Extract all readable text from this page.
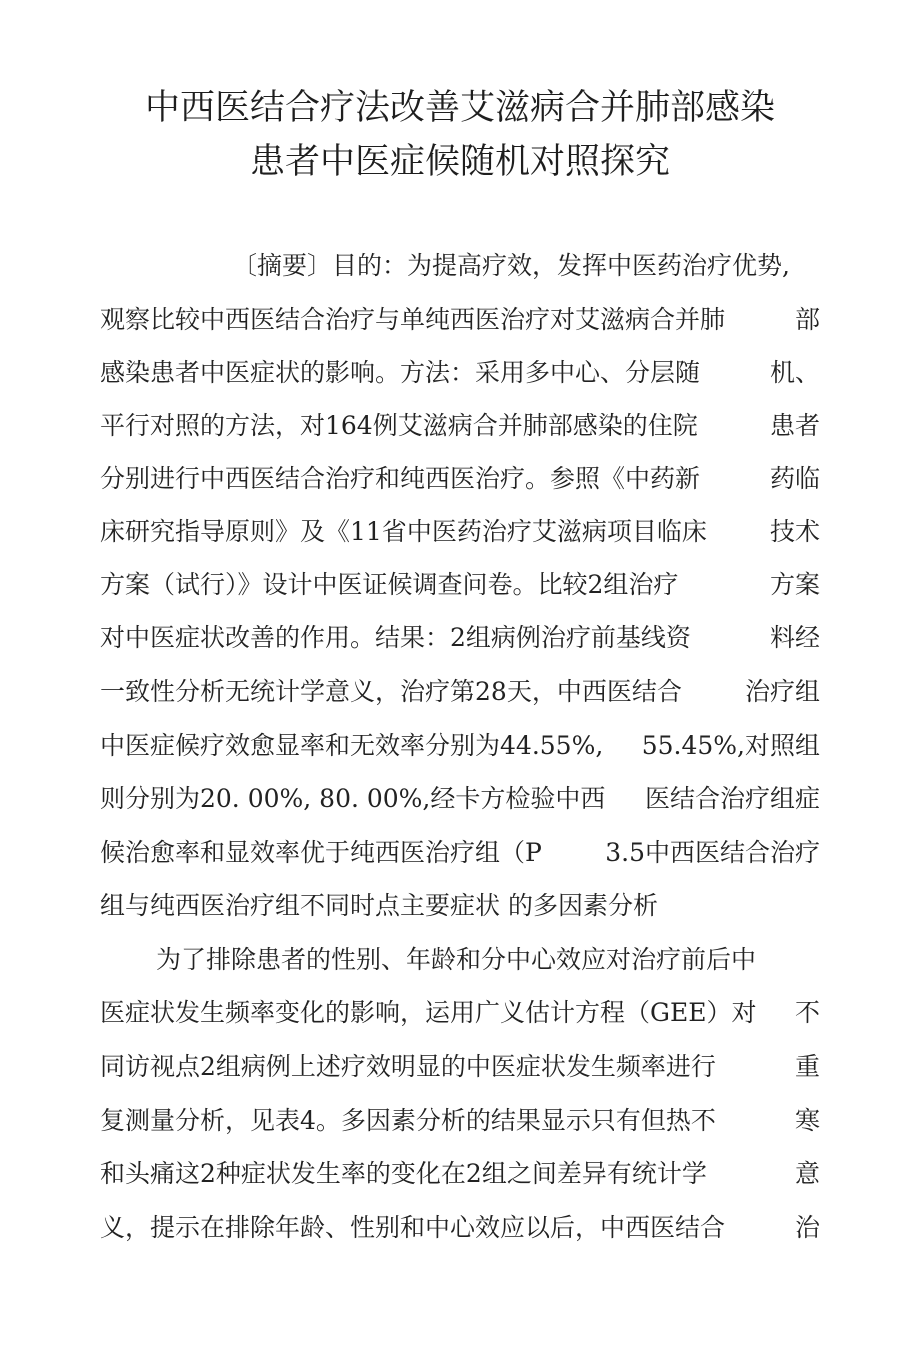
中西医结合疗法改善艾滋病合并肺部感染
患者中医症候随机对照探究
〔摘要〕目的：为提高疗效，发挥中医药治疗优势,
观察比较中西医结合治疗与单纯西医治疗对艾滋病合并肺	部
感染患者中医症状的影响。方法：采用多中心、分层随	机、
平行对照的方法，对164例艾滋病合并肺部感染的住院	患者
分别进行中西医结合治疗和纯西医治疗。参照《中药新	药临
床研究指导原则》及《11省中医药治疗艾滋病项目临床	技术
方案（试行）》设计中医证候调查问卷。比较2组治疗	方案
对中医症状改善的作用。结果：2组病例治疗前基线资	料经
一致性分析无统计学意义，治疗第28天，中西医结合	治疗组
中医症候疗效愈显率和无效率分别为44.55%, 55.45%,对照组
则分别为20. 00%, 80. 00%,经卡方检验中西 医结合治疗组症
候治愈率和显效率优于纯西医治疗组（P	3.5中西医结合治疗
组与纯西医治疗组不同时点主要症状 的多因素分析
为了排除患者的性别、年龄和分中心效应对治疗前后中
医症状发生频率变化的影响，运用广义估计方程（GEE）对 不
同访视点2组病例上述疗效明显的中医症状发生频率进行	重
复测量分析，见表4。多因素分析的结果显示只有但热不	寒
和头痛这2种症状发生率的变化在2组之间差异有统计学	意
义，提示在排除年龄、性别和中心效应以后，中西医结合	治
